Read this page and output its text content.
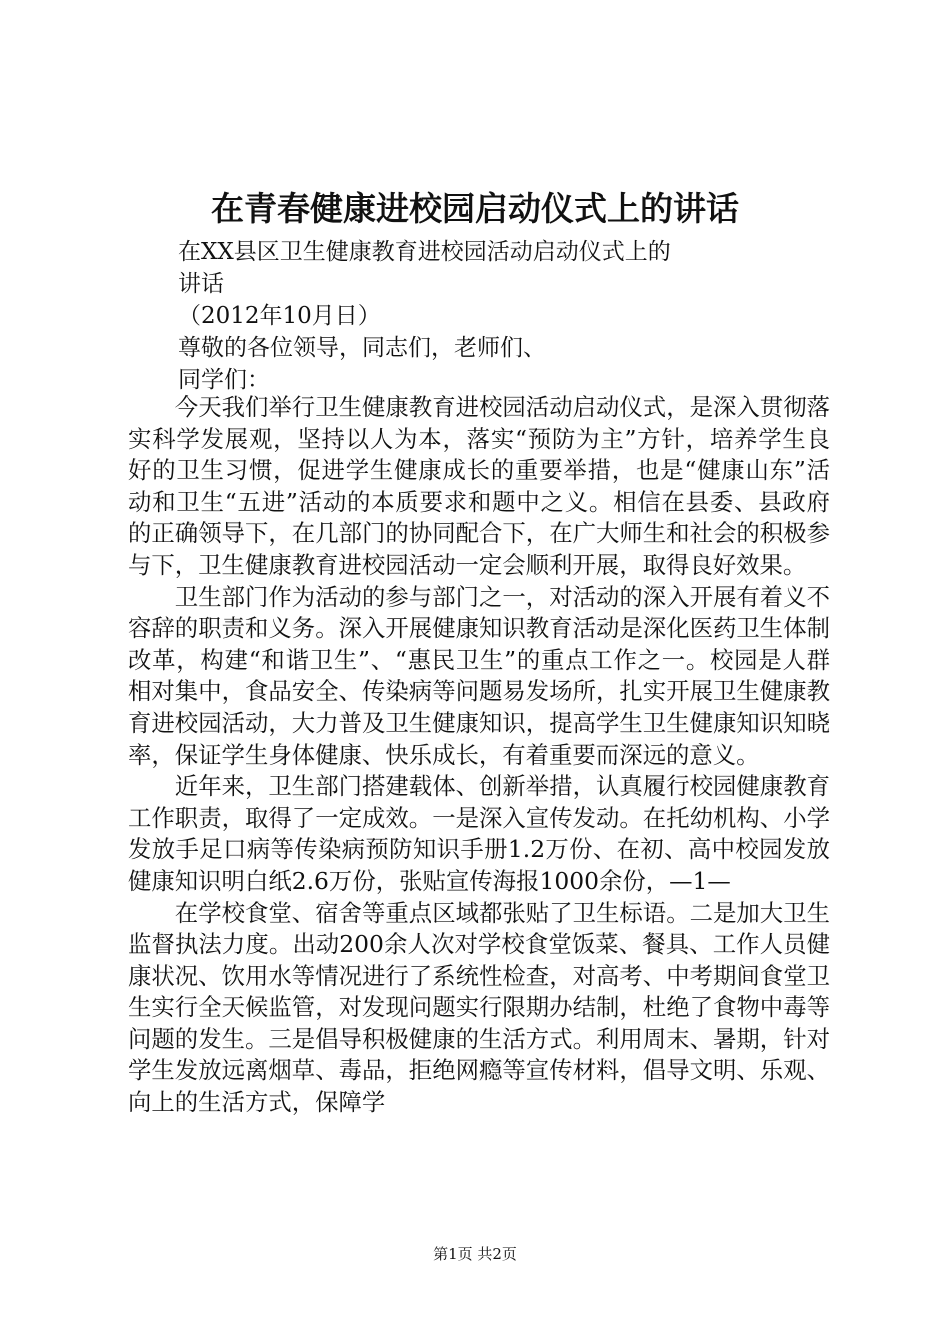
在青春健康进校园启动仪式上的讲话
在XX县区卫生健康教育进校园活动启动仪式上的
讲话
（2012年10月日）
尊敬的各位领导，同志们，老师们、
同学们：

今天我们举行卫生健康教育进校园活动启动仪式，是深入贯彻落实科学发展观，坚持以人为本，落实“预防为主”方针，培养学生良好的卫生习惯，促进学生健康成长的重要举措，也是“健康山东”活动和卫生“五进”活动的本质要求和题中之义。相信在县委、县政府的正确领导下，在几部门的协同配合下，在广大师生和社会的积极参与下，卫生健康教育进校园活动一定会顺利开展，取得良好效果。

卫生部门作为活动的参与部门之一，对活动的深入开展有着义不容辞的职责和义务。深入开展健康知识教育活动是深化医药卫生体制改革，构建“和谐卫生”、“惠民卫生”的重点工作之一。校园是人群相对集中，食品安全、传染病等问题易发场所，扎实开展卫生健康教育进校园活动，大力普及卫生健康知识，提高学生卫生健康知识知晓率，保证学生身体健康、快乐成长，有着重要而深远的意义。

近年来，卫生部门搭建载体、创新举措，认真履行校园健康教育工作职责，取得了一定成效。一是深入宣传发动。在托幼机构、小学发放手足口病等传染病预防知识手册1.2万份、在初、高中校园发放健康知识明白纸2.6万份，张贴宣传海报1000余份，—1—

在学校食堂、宿舍等重点区域都张贴了卫生标语。二是加大卫生监督执法力度。出动200余人次对学校食堂饭菜、餐具、工作人员健康状况、饮用水等情况进行了系统性检查，对高考、中考期间食堂卫生实行全天候监管，对发现问题实行限期办结制，杜绝了食物中毒等问题的发生。三是倡导积极健康的生活方式。利用周末、暑期，针对学生发放远离烟草、毒品，拒绝网瘾等宣传材料，倡导文明、乐观、向上的生活方式，保障学

第1页 共2页
